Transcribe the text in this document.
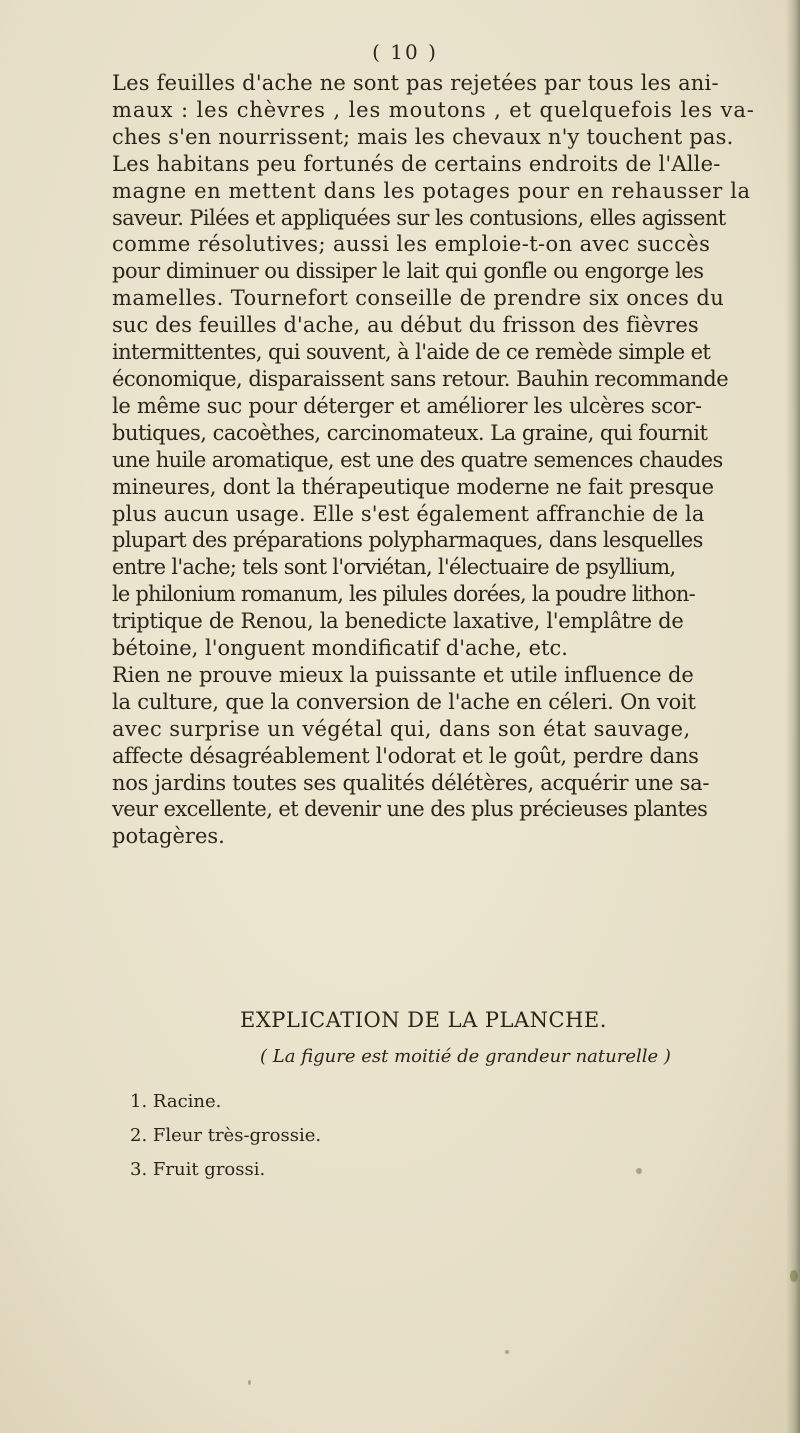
( 10 )
Les feuilles d'ache ne sont pas rejetées par tous les ani-
maux : les chèvres , les moutons , et quelquefois les va-
ches s'en nourrissent; mais les chevaux n'y touchent pas.
Les habitans peu fortunés de certains endroits de l'Alle-
magne en mettent dans les potages pour en rehausser la
saveur. Pilées et appliquées sur les contusions, elles agissent
comme résolutives; aussi les emploie-t-on avec succès
pour diminuer ou dissiper le lait qui gonfle ou engorge les
mamelles. Tournefort conseille de prendre six onces du
suc des feuilles d'ache, au début du frisson des fièvres
intermittentes, qui souvent, à l'aide de ce remède simple et
économique, disparaissent sans retour. Bauhin recommande
le même suc pour déterger et améliorer les ulcères scor-
butiques, cacoèthes, carcinomateux. La graine, qui fournit
une huile aromatique, est une des quatre semences chaudes
mineures, dont la thérapeutique moderne ne fait presque
plus aucun usage. Elle s'est également affranchie de la
plupart des préparations polypharmaques, dans lesquelles
entre l'ache; tels sont l'orviétan, l'électuaire de psyllium,
le philonium romanum, les pilules dorées, la poudre lithon-
triptique de Renou, la benedicte laxative, l'emplâtre de
bétoine, l'onguent mondificatif d'ache, etc.
Rien ne prouve mieux la puissante et utile influence de
la culture, que la conversion de l'ache en céleri. On voit
avec surprise un végétal qui, dans son état sauvage,
affecte désagréablement l'odorat et le goût, perdre dans
nos jardins toutes ses qualités délétères, acquérir une sa-
veur excellente, et devenir une des plus précieuses plantes
potagères.
EXPLICATION DE LA PLANCHE.
( La figure est moitié de grandeur naturelle )
1. Racine.
2. Fleur très-grossie.
3. Fruit grossi.
